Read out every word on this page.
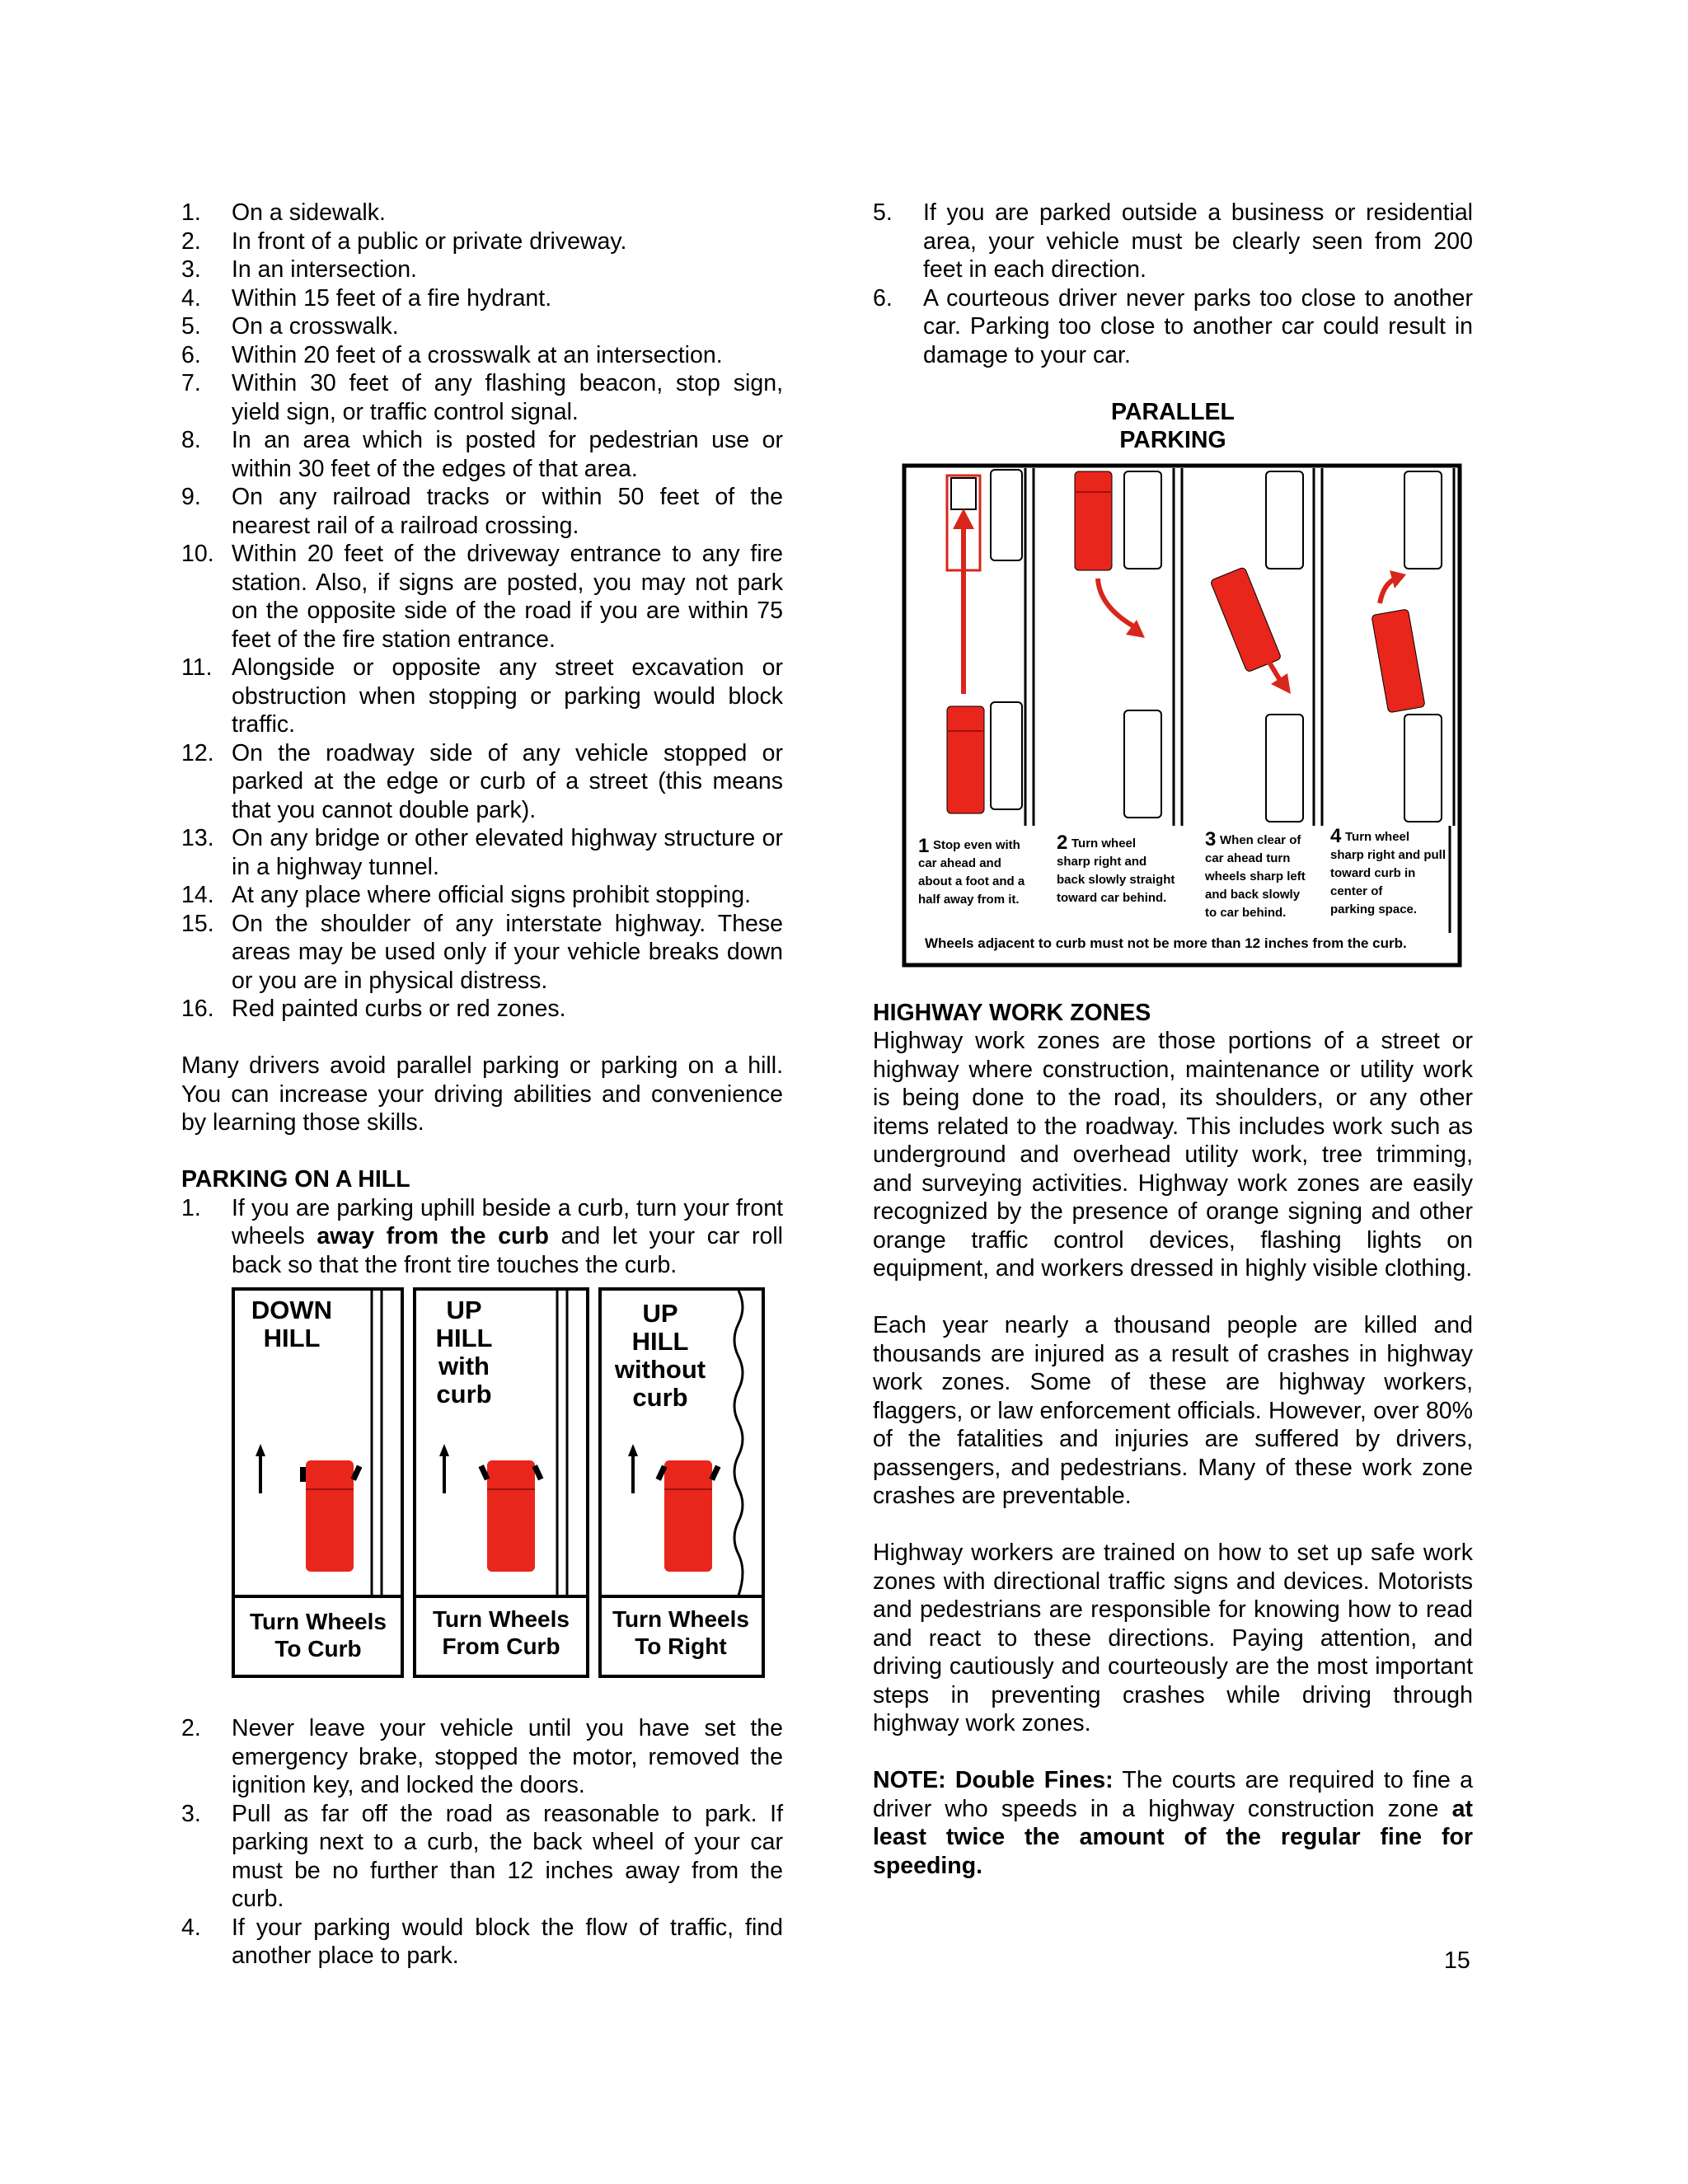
1. On a sidewalk.
2. In front of a public or private driveway.
3. In an intersection.
4. Within 15 feet of a fire hydrant.
5. On a crosswalk.
6. Within 20 feet of a crosswalk at an intersection.
7. Within 30 feet of any flashing beacon, stop sign, yield sign, or traffic control signal.
8. In an area which is posted for pedestrian use or within 30 feet of the edges of that area.
9. On any railroad tracks or within 50 feet of the nearest rail of a railroad crossing.
10. Within 20 feet of the driveway entrance to any fire station. Also, if signs are posted, you may not park on the opposite side of the road if you are within 75 feet of the fire station entrance.
11. Alongside or opposite any street excavation or obstruction when stopping or parking would block traffic.
12. On the roadway side of any vehicle stopped or parked at the edge or curb of a street (this means that you cannot double park).
13. On any bridge or other elevated highway structure or in a highway tunnel.
14. At any place where official signs prohibit stopping.
15. On the shoulder of any interstate highway. These areas may be used only if your vehicle breaks down or you are in physical distress.
16. Red painted curbs or red zones.

Many drivers avoid parallel parking or parking on a hill. You can increase your driving abilities and convenience by learning those skills.

PARKING ON A HILL
1. If you are parking uphill beside a curb, turn your front wheels away from the curb and let your car roll back so that the front tire touches the curb.
DOWN
HILL
Turn Wheels
To Curb
UP
HILL
with
curb
Turn Wheels
From Curb
UP
HILL
without
curb
Turn Wheels
To Right
2. Never leave your vehicle until you have set the emergency brake, stopped the motor, removed the ignition key, and locked the doors.
3. Pull as far off the road as reasonable to park. If parking next to a curb, the back wheel of your car must be no further than 12 inches away from the curb.
4. If your parking would block the flow of traffic, find another place to park.
5. If you are parked outside a business or residential area, your vehicle must be clearly seen from 200 feet in each direction.
6. A courteous driver never parks too close to another car. Parking too close to another car could result in damage to your car.
PARALLEL
PARKING
1 Stop even with
car ahead and
about a foot and a
half away from it.
2 Turn wheel
sharp right and
back slowly straight
toward car behind.
3 When clear of
car ahead turn
wheels sharp left
and back slowly
to car behind.
4 Turn wheel
sharp right and pull
toward curb in
center of
parking space.
Wheels adjacent to curb must not be more than 12 inches from the curb.
HIGHWAY WORK ZONES

Highway work zones are those portions of a street or highway where construction, maintenance or utility work is being done to the road, its shoulders, or any other items related to the roadway. This includes work such as underground and overhead utility work, tree trimming, and surveying activities. Highway work zones are easily recognized by the presence of orange signing and other orange traffic control devices, flashing lights on equipment, and workers dressed in highly visible clothing.

Each year nearly a thousand people are killed and thousands are injured as a result of crashes in highway work zones. Some of these are highway workers, flaggers, or law enforcement officials. However, over 80% of the fatalities and injuries are suffered by drivers, passengers, and pedestrians. Many of these work zone crashes are preventable.

Highway workers are trained on how to set up safe work zones with directional traffic signs and devices. Motorists and pedestrians are responsible for knowing how to read and react to these directions. Paying attention, and driving cautiously and courteously are the most important steps in preventing crashes while driving through highway work zones.

NOTE: Double Fines: The courts are required to fine a driver who speeds in a highway construction zone at least twice the amount of the regular fine for speeding.

15
